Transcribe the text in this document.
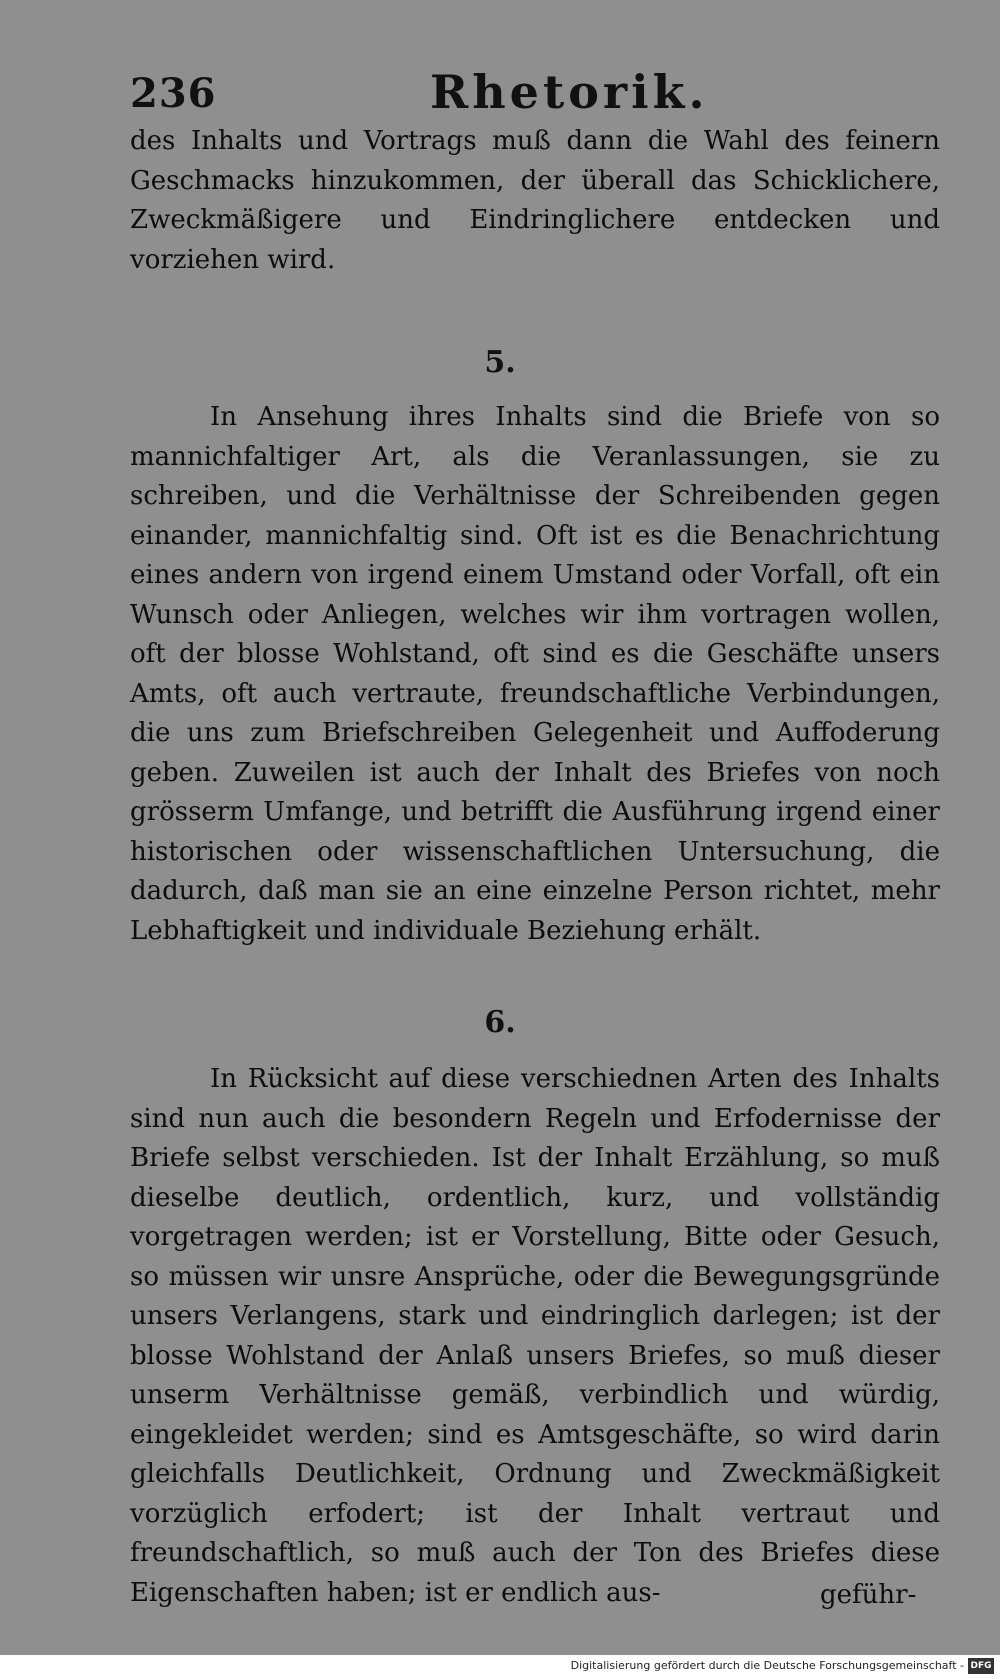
236	Rhetorik.

des Inhalts und Vortrags muß dann die Wahl des feinern Geschmacks hinzukommen, der überall das Schicklichere, Zweckmäßigere und Eindringlichere entdecken und vorziehen wird.

5.

In Ansehung ihres Inhalts sind die Briefe von so mannichfaltiger Art, als die Veranlassungen, sie zu schreiben, und die Verhältnisse der Schreibenden gegen einander, mannichfaltig sind. Oft ist es die Benachrichtung eines andern von irgend einem Umstand oder Vorfall, oft ein Wunsch oder Anliegen, welches wir ihm vortragen wollen, oft der blosse Wohlstand, oft sind es die Geschäfte unsers Amts, oft auch vertraute, freundschaftliche Verbindungen, die uns zum Briefschreiben Gelegenheit und Auffoderung geben. Zuweilen ist auch der Inhalt des Briefes von noch grösserm Umfange, und betrifft die Ausführung irgend einer historischen oder wissenschaftlichen Untersuchung, die dadurch, daß man sie an eine einzelne Person richtet, mehr Lebhaftigkeit und individuale Beziehung erhält.

6.

In Rücksicht auf diese verschiednen Arten des Inhalts sind nun auch die besondern Regeln und Erfodernisse der Briefe selbst verschieden. Ist der Inhalt Erzählung, so muß dieselbe deutlich, ordentlich, kurz, und vollständig vorgetragen werden; ist er Vorstellung, Bitte oder Gesuch, so müssen wir unsre Ansprüche, oder die Bewegungsgründe unsers Verlangens, stark und eindringlich darlegen; ist der blosse Wohlstand der Anlaß unsers Briefes, so muß dieser unserm Verhältnisse gemäß, verbindlich und würdig, eingekleidet werden; sind es Amtsgeschäfte, so wird darin gleichfalls Deutlichkeit, Ordnung und Zweckmäßigkeit vorzüglich erfodert; ist der Inhalt vertraut und freundschaftlich, so muß auch der Ton des Briefes diese Eigenschaften haben; ist er endlich aus-	geführ-
Digitalisierung gefördert durch die Deutsche Forschungsgemeinschaft - DFG
